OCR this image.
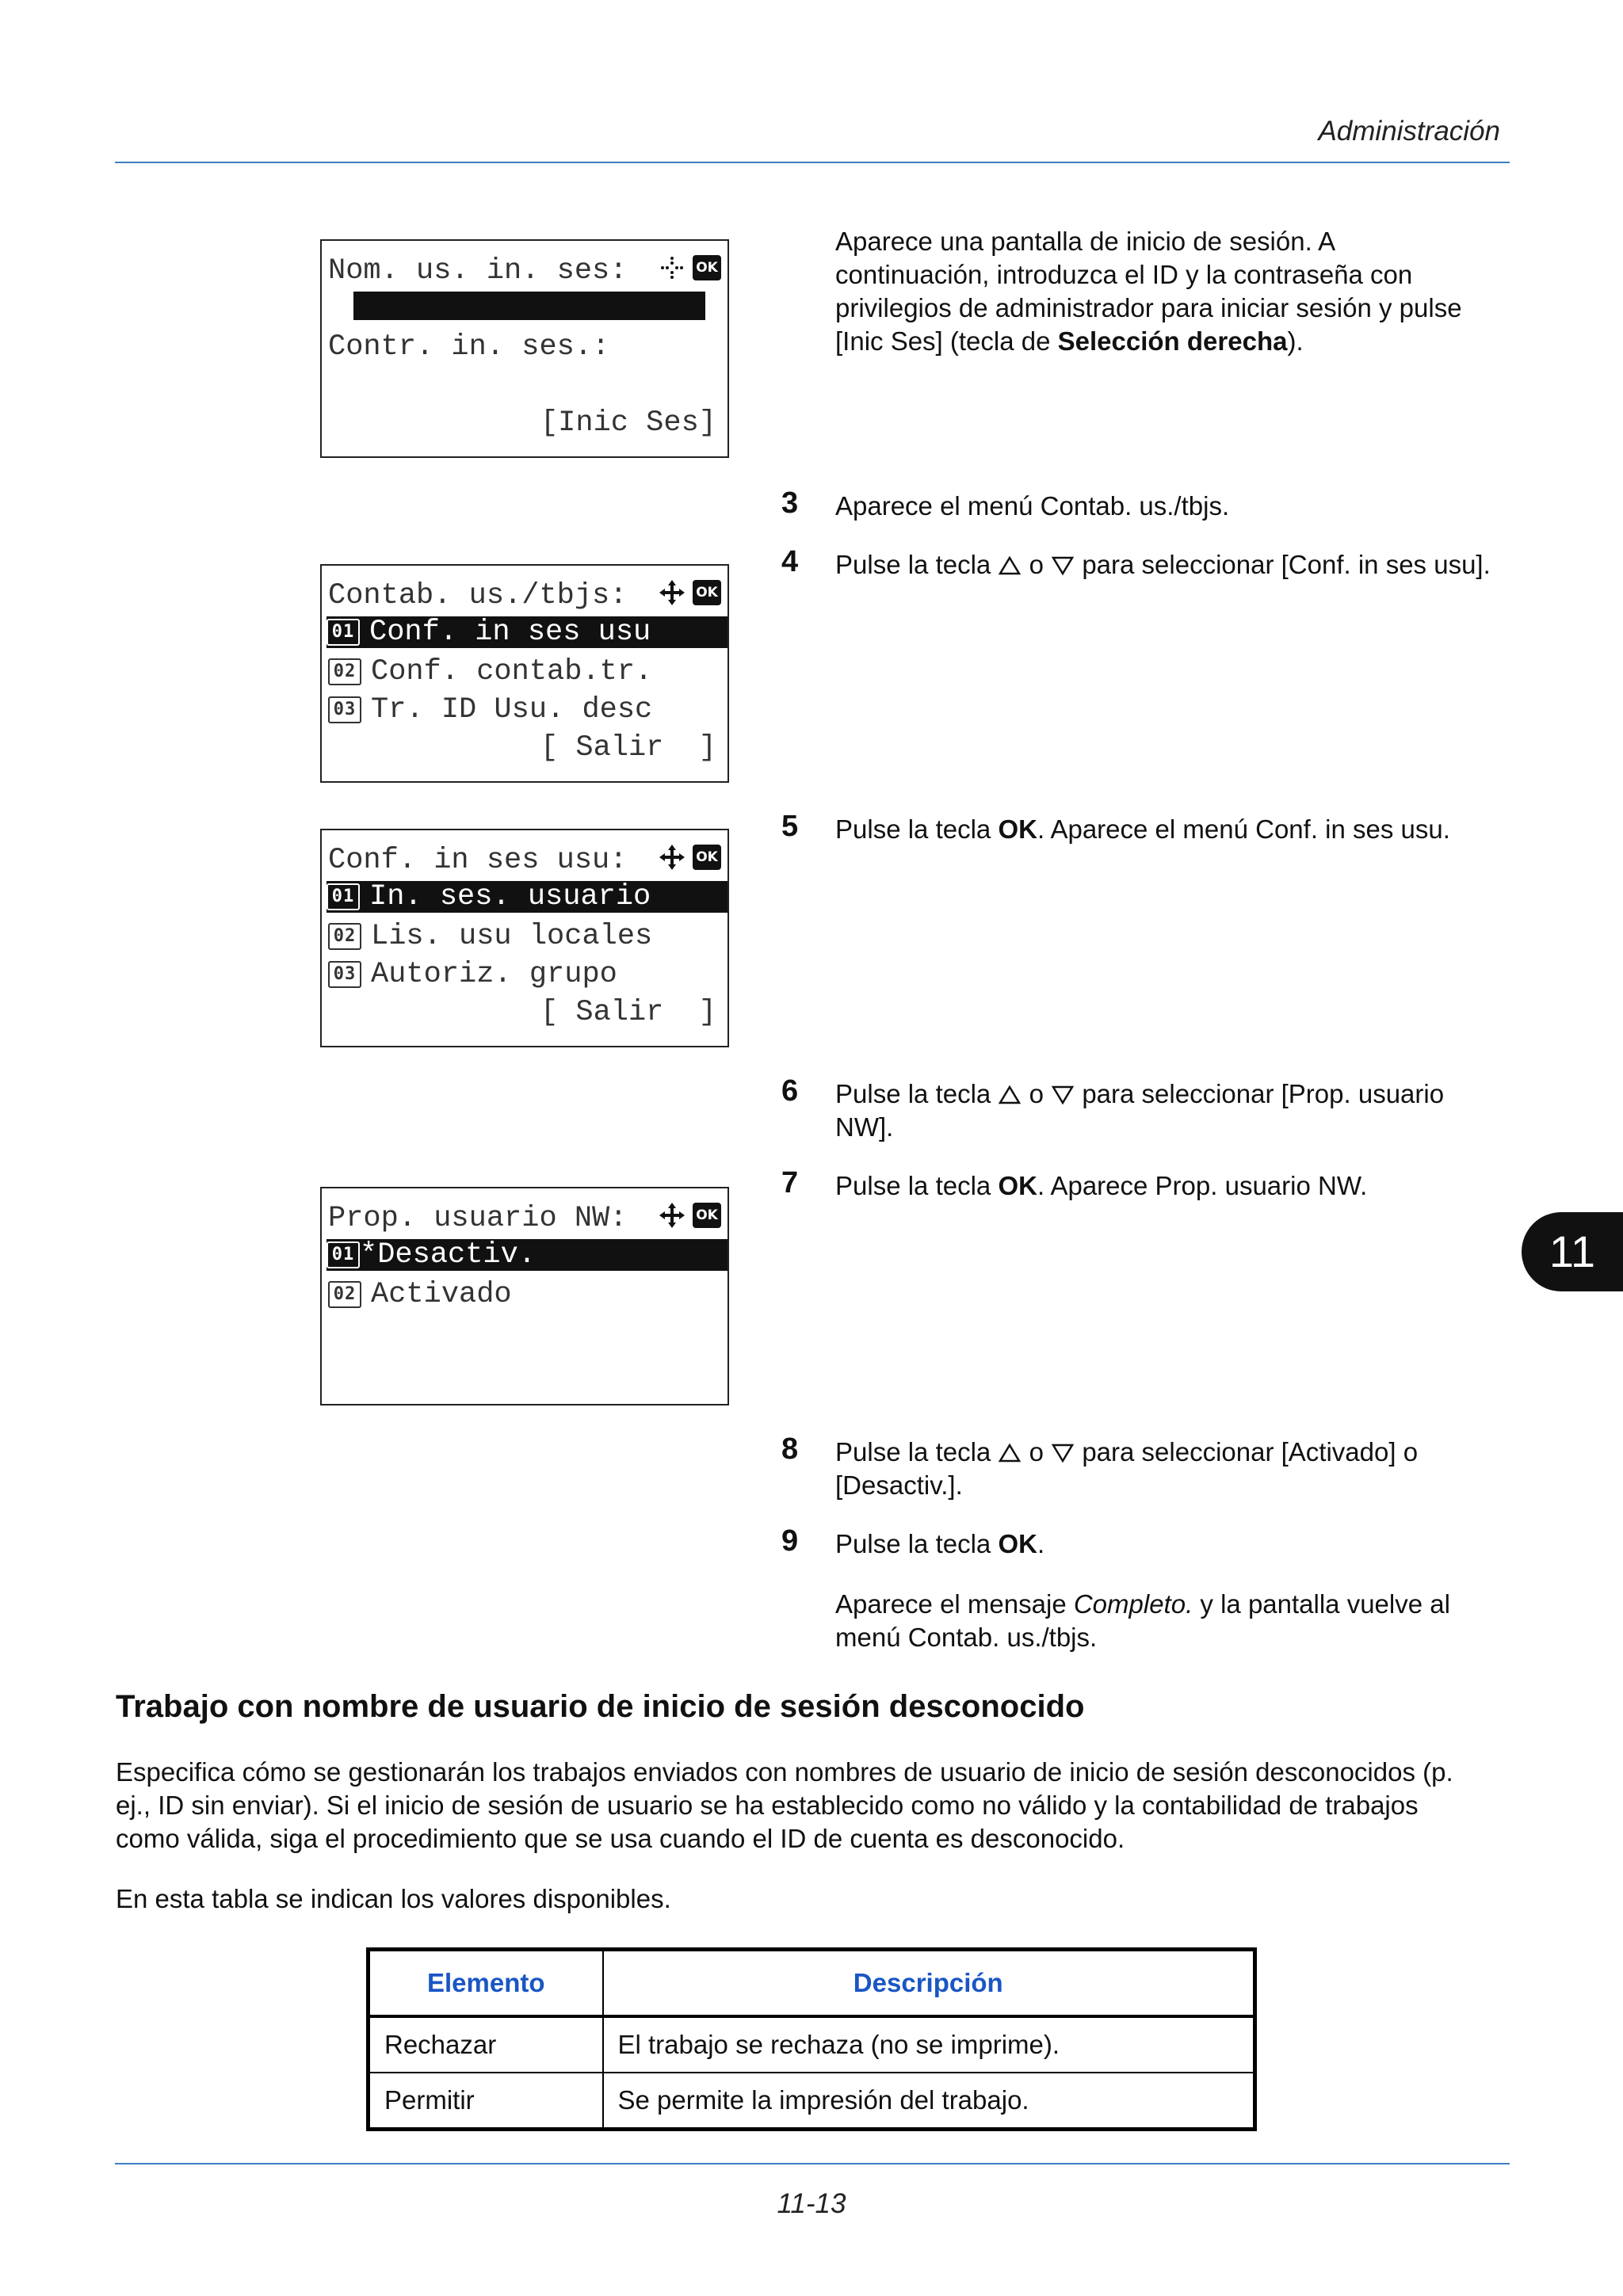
Administración
Nom. us. in. ses:	OK
Contr. in. ses.:
[Inic Ses]
Contab. us./tbjs:	OK
01 Conf. in ses usu
02 Conf. contab.tr.
03 Tr. ID Usu. desc
[ Salir  ]
Conf. in ses usu:	OK
01 In. ses. usuario
02 Lis. usu locales
03 Autoriz. grupo
[ Salir  ]
Prop. usuario NW:	OK
01 *Desactiv.
02 Activado
Aparece una pantalla de inicio de sesión. A
continuación, introduzca el ID y la contraseña con
privilegios de administrador para iniciar sesión y pulse
[Inic Ses] (tecla de Selección derecha).
3 Aparece el menú Contab. us./tbjs.
4 Pulse la tecla o para seleccionar [Conf. in ses usu].
5 Pulse la tecla OK. Aparece el menú Conf. in ses usu.
6 Pulse la tecla o para seleccionar [Prop. usuario
NW].
7 Pulse la tecla OK. Aparece Prop. usuario NW.
8 Pulse la tecla o para seleccionar [Activado] o
[Desactiv.].
9 Pulse la tecla OK.
Aparece el mensaje Completo. y la pantalla vuelve al
menú Contab. us./tbjs.
11
Trabajo con nombre de usuario de inicio de sesión desconocido
Especifica cómo se gestionarán los trabajos enviados con nombres de usuario de inicio de sesión desconocidos (p.
ej., ID sin enviar). Si el inicio de sesión de usuario se ha establecido como no válido y la contabilidad de trabajos
como válida, siga el procedimiento que se usa cuando el ID de cuenta es desconocido.
En esta tabla se indican los valores disponibles.
Elemento	Descripción
Rechazar	El trabajo se rechaza (no se imprime).
Permitir	Se permite la impresión del trabajo.
11-13
